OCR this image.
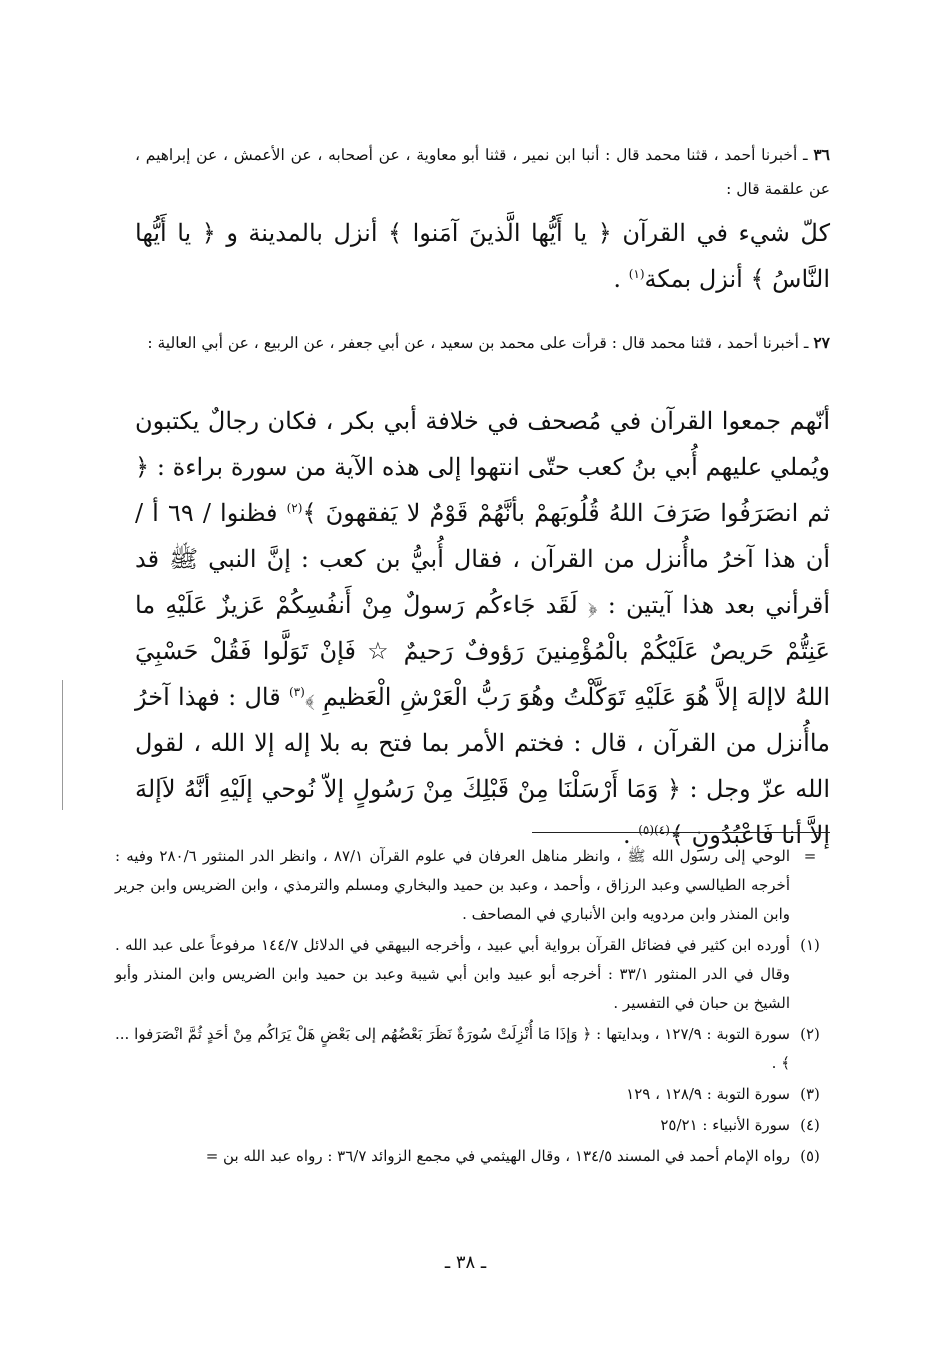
٣٦ ـ أخبرنا أحمد ، قثنا محمد قال : أنبا ابن نمير ، قثنا أبو معاوية ، عن أصحابه ، عن الأعمش ، عن إبراهيم ، عن علقمة قال :
كلّ شيء في القرآن ﴿ يا أَيُّها الَّذينَ آمَنوا ﴾ أنزل بالمدينة و ﴿ يا أَيُّها النَّاسُ ﴾ أنزل بمكة$^{(١)}$ .
٢٧ ـ أخبرنا أحمد ، قثنا محمد قال : قرأت على محمد بن سعيد ، عن أبي جعفر ، عن الربيع ، عن أبي العالية :
أنّهم جمعوا القرآن في مُصحف في خلافة أبي بكر ، فكان رجالٌ يكتبون ويُملي عليهم أُبي بنُ كعب حتّى انتهوا إلى هذه الآية من سورة براءة : ﴿ ثم انصَرَفُوا صَرَفَ اللهُ قُلُوبَهمْ بأنَّهُمْ قَوْمٌ لا يَفقهونَ ﴾$^{(٢)}$ فظنوا / ٦٩ أ / أن هذا آخرُ ماأُنزل من القرآن ، فقال أُبيُّ بن كعب : إنَّ النبي ﷺ قد أقرأني بعد هذا آيتين : ﴿ لَقَد جَاءكُم رَسولٌ مِنْ أَنفُسِكُمْ عَزيزٌ عَلَيْهِ ما عَنِتُّمْ حَريصٌ عَلَيْكُمْ بالْمُؤْمِنينَ رَؤوفٌ رَحيمٌ ☆ فَإنْ تَوَلَّوا فَقُلْ حَسْبِيَ اللهُ لاإلهَ إلاَّ هُوَ عَلَيْهِ تَوَكَّلْتُ وهُوَ رَبُّ الْعَرْشِ الْعَظيمِ ﴾$^{(٣)}$ قال : فهذا آخرُ ماأُنزل من القرآن ، قال : فختم الأمر بما فتح به بلا إله إلا الله ، لقول الله عزّ وجل : ﴿ وَمَا أَرْسَلْنَا مِنْ قَبْلِكَ مِنْ رَسُولٍ إلاّ نُوحي إلَيْهِ أنَّهُ لاَإلهَ إلاَّ أنا فَاعْبُدُونِ ﴾$^{(٤)(٥)}$ .
=
الوحي إلى رسول الله ﷺ ، وانظر مناهل العرفان في علوم القرآن ٨٧/١ ، وانظر الدر المنثور ٢٨٠/٦ وفيه : أخرجه الطيالسي وعبد الرزاق ، وأحمد ، وعبد بن حميد والبخاري ومسلم والترمذي ، وابن الضريس وابن جرير وابن المنذر وابن مردويه وابن الأنباري في المصاحف .
(١)
أورده ابن كثير في فضائل القرآن برواية أبي عبيد ، وأخرجه البيهقي في الدلائل ١٤٤/٧ مرفوعاً على عبد الله . وقال في الدر المنثور ٣٣/١ : أخرجه أبو عبيد وابن أبي شيبة وعبد بن حميد وابن الضريس وابن المنذر وأبو الشيخ بن حبان في التفسير .
(٢)
سورة التوبة : ١٢٧/٩ ، وبدايتها : ﴿ وَإذَا مَا أُنْزِلَتْ سُورَةٌ نَظَرَ بَعْضُهُم إلى بَعْضٍ هَلْ يَرَاكُم مِنْ أحَدٍ ثُمَّ انْصَرَفوا ... ﴾ .
(٣)
سورة التوبة : ١٢٨/٩ ، ١٢٩
(٤)
سورة الأنبياء : ٢٥/٢١
(٥)
رواه الإمام أحمد في المسند ١٣٤/٥ ، وقال الهيثمي في مجمع الزوائد ٣٦/٧ : رواه عبد الله بن =
ـ ٣٨ ـ
